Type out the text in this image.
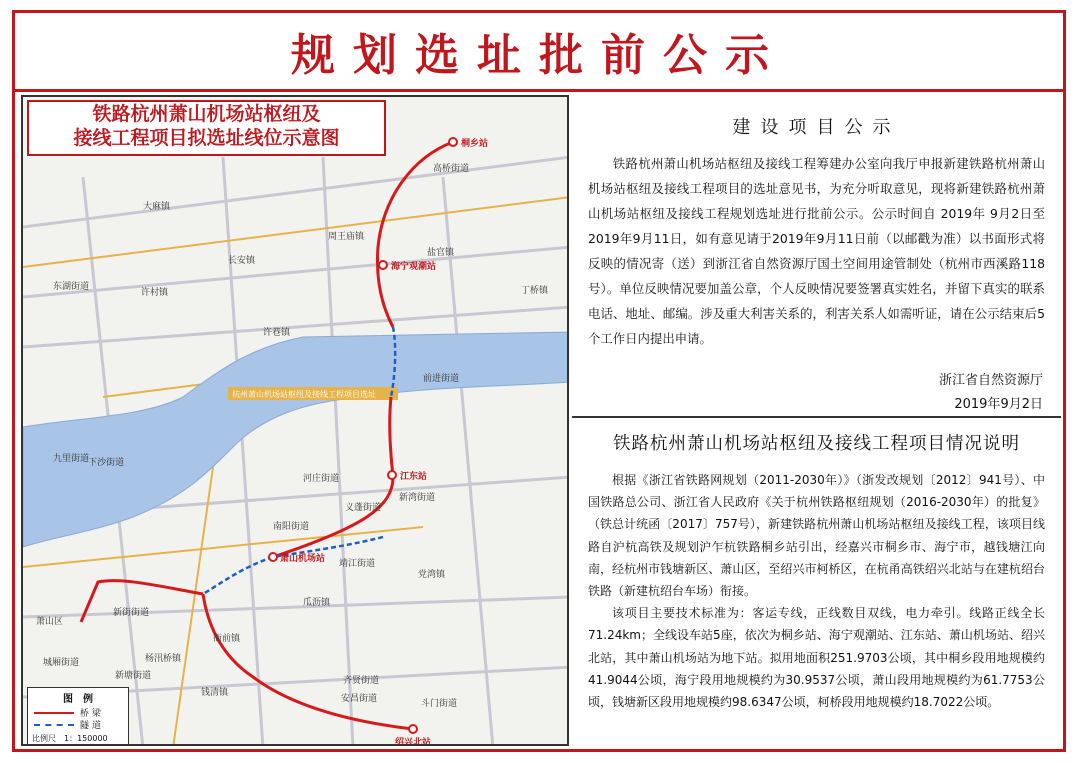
规划选址批前公示
杭州萧山机场站枢纽及接线工程项目选址
桐乡站
海宁观潮站
江东站
萧山机场站
绍兴北站
高桥街道
大麻镇
周王庙镇
盐官镇
长安镇
许村镇
东湖街道	丁桥镇
许巷镇
前进街道
河庄街道
义蓬街道
新湾街道
南阳街道
靖江街道
党湾镇
瓜沥镇
九里街道
下沙街道
新街街道
衙前镇
城厢街道
新塘街道
钱清镇
杨汛桥镇
齐贤街道
安昌街道	斗门街道
萧山区
铁路杭州萧山机场站枢纽及
接线工程项目拟选址线位示意图
图　例
桥 梁
隧 道
比例尺　1：150000
建设项目公示

铁路杭州萧山机场站枢纽及接线工程筹建办公室向我厅申报新建铁路杭州萧山机场站枢纽及接线工程项目的选址意见书，为充分听取意见，现将新建铁路杭州萧山机场站枢纽及接线工程规划选址进行批前公示。公示时间自 2019年 9月2日至2019年9月11日，如有意见请于2019年9月11日前（以邮戳为准）以书面形式将反映的情况寄（送）到浙江省自然资源厅国土空间用途管制处（杭州市西溪路118号）。单位反映情况要加盖公章，个人反映情况要签署真实姓名，并留下真实的联系电话、地址、邮编。涉及重大利害关系的，利害关系人如需听证，请在公示结束后5个工作日内提出申请。

浙江省自然资源厅
2019年9月2日
铁路杭州萧山机场站枢纽及接线工程项目情况说明

根据《浙江省铁路网规划（2011-2030年）》（浙发改规划〔2012〕941号）、中国铁路总公司、浙江省人民政府《关于杭州铁路枢纽规划（2016-2030年）的批复》（铁总计统函〔2017〕757号），新建铁路杭州萧山机场站枢纽及接线工程，该项目线路自沪杭高铁及规划沪乍杭铁路桐乡站引出，经嘉兴市桐乡市、海宁市，越钱塘江向南，经杭州市钱塘新区、萧山区，至绍兴市柯桥区，在杭甬高铁绍兴北站与在建杭绍台铁路（新建杭绍台车场）衔接。

该项目主要技术标准为：客运专线，正线数目双线，电力牵引。线路正线全长71.24km；全线设车站5座，依次为桐乡站、海宁观潮站、江东站、萧山机场站、绍兴北站，其中萧山机场站为地下站。拟用地面积251.9703公顷，其中桐乡段用地规模约41.9044公顷，海宁段用地规模约为30.9537公顷，萧山段用地规模约为61.7753公顷，钱塘新区段用地规模约98.6347公顷，柯桥段用地规模约18.7022公顷。
